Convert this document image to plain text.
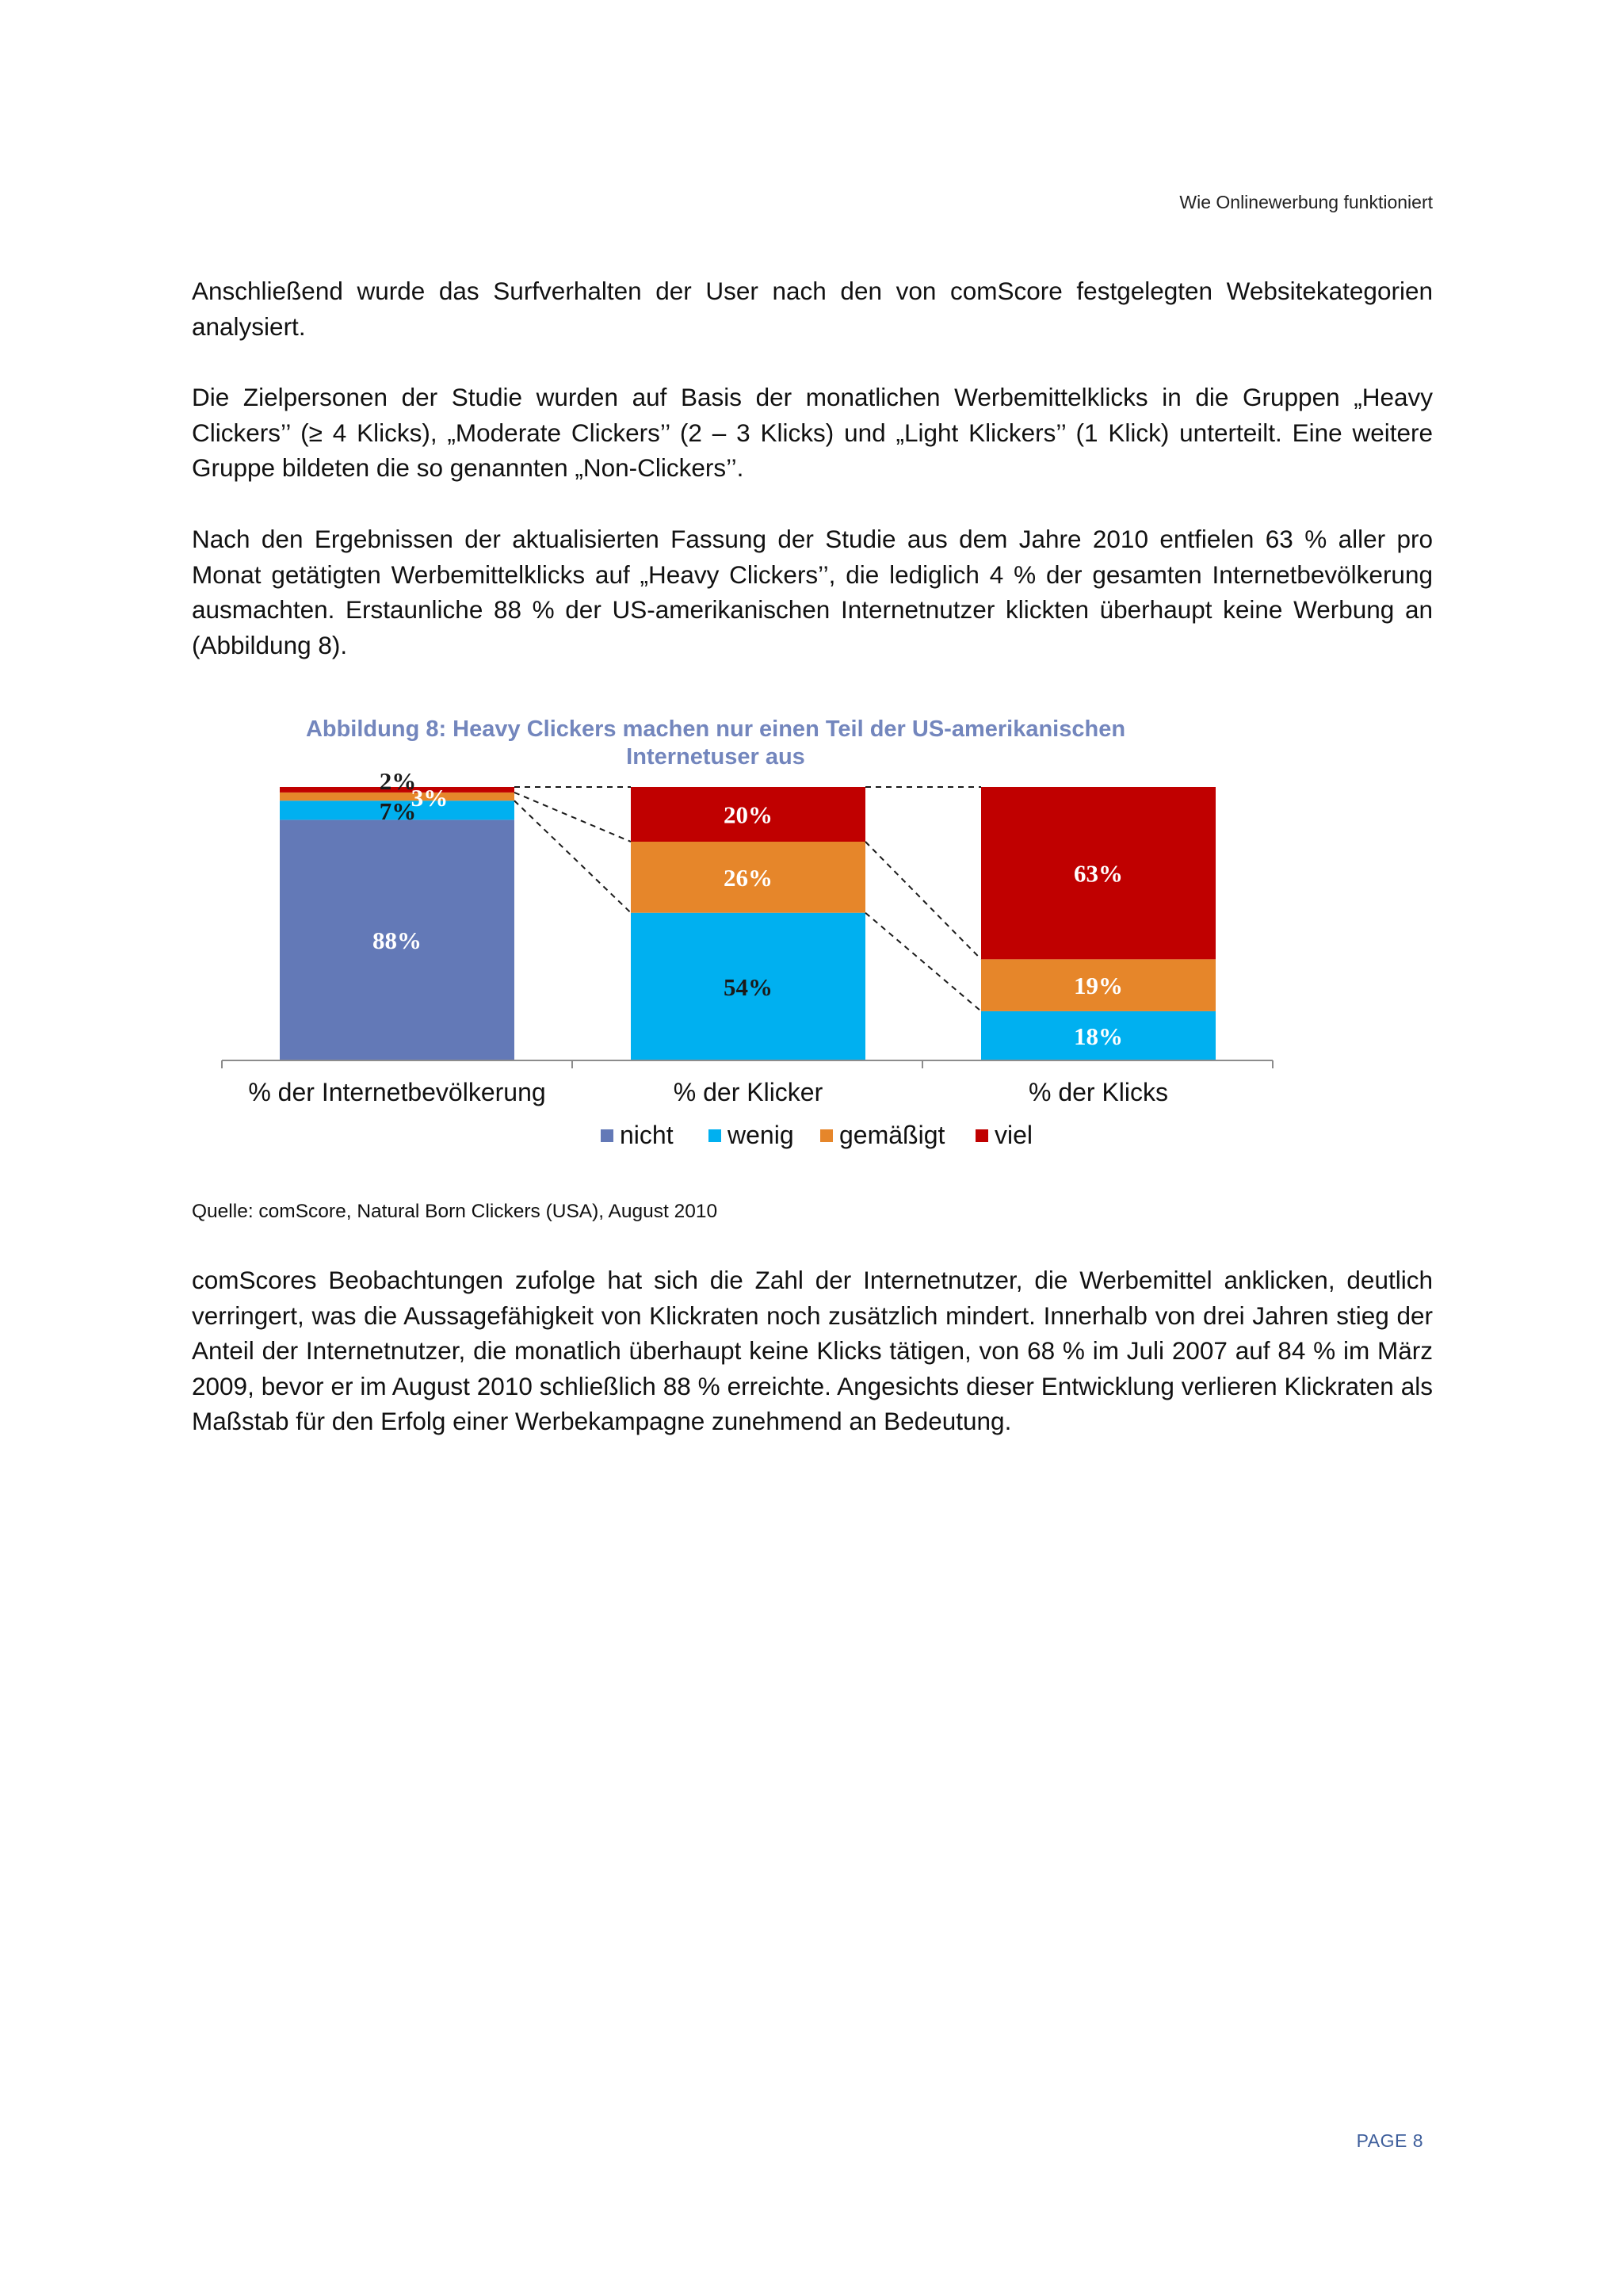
Wie Onlinewerbung funktioniert

Anschließend wurde das Surfverhalten der User nach den von comScore festgelegten Websitekategorien analysiert.

Die Zielpersonen der Studie wurden auf Basis der monatlichen Werbemittelklicks in die Gruppen „Heavy Clickers’’ (≥ 4 Klicks), „Moderate Clickers’’ (2 – 3 Klicks) und „Light Klickers’’ (1 Klick) unterteilt. Eine weitere Gruppe bildeten die so genannten „Non-Clickers’’.

Nach den Ergebnissen der aktualisierten Fassung der Studie aus dem Jahre 2010 entfielen 63 % aller pro Monat getätigten Werbemittelklicks auf „Heavy Clickers’’, die lediglich 4 % der gesamten Internetbevölkerung ausmachten. Erstaunliche 88 % der US-amerikanischen Internetnutzer klickten überhaupt keine Werbung an (Abbildung 8).

Abbildung 8: Heavy Clickers machen nur einen Teil der US-amerikanischen
Internetuser aus
88%
7%
3%
2%
54%
26%
20%
18%
19%
63%
% der Internetbevölkerung	% der Klicker	% der Klicks
nicht wenig gemäßigt viel
Quelle: comScore, Natural Born Clickers (USA), August 2010

comScores Beobachtungen zufolge hat sich die Zahl der Internetnutzer, die Werbemittel anklicken, deutlich verringert, was die Aussagefähigkeit von Klickraten noch zusätzlich mindert. Innerhalb von drei Jahren stieg der Anteil der Internetnutzer, die monatlich überhaupt keine Klicks tätigen, von 68 % im Juli 2007 auf 84 % im März 2009, bevor er im August 2010 schließlich 88 % erreichte. Angesichts dieser Entwicklung verlieren Klickraten als Maßstab für den Erfolg einer Werbekampagne zunehmend an Bedeutung.

PAGE 8
